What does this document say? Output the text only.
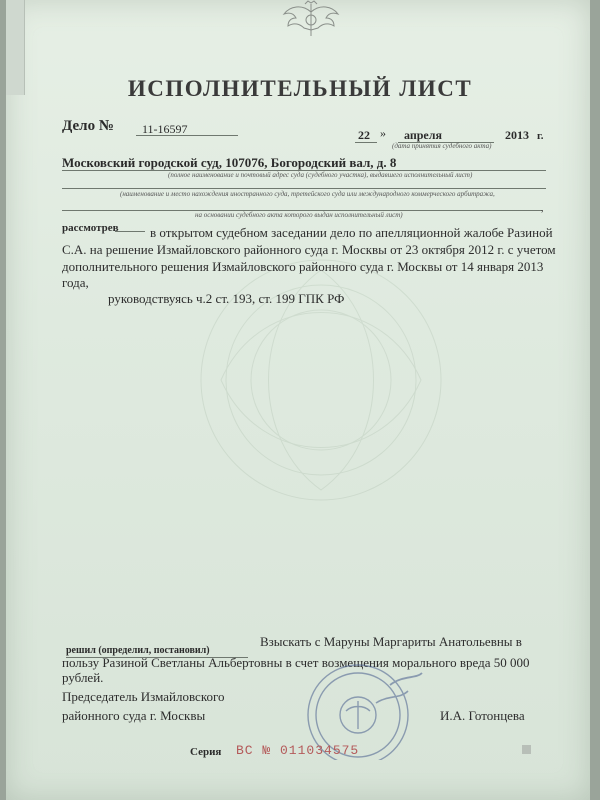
ИСПОЛНИТЕЛЬНЫЙ ЛИСТ
Дело № 11-16597	22 » апреля	2013 г.
(дата принятия судебного акта)
Московский городской суд, 107076, Богородский вал, д. 8
(полное наименование и почтовый адрес суда (судебного участка), выдавшего исполнительный лист)
(наименование и место нахождения иностранного суда, третейского суда или международного коммерческого арбитража,
,
на основании судебного акта которого выдан исполнительный лист)
рассмотрев в открытом судебном заседании дело по апелляционной жалобе Разиной
С.А. на решение Измайловского районного суда г. Москвы от 23 октября 2012 г. с учетом
дополнительного решения Измайловского районного суда г. Москвы от 14 января 2013
года,
руководствуясь ч.2 ст. 193, ст. 199 ГПК РФ
Взыскать с Маруны Маргариты Анатольевны в
решил (определил, постановил)
пользу Разиной Светланы Альбертовны в счет возмещения морального вреда 50 000
рублей.
Председатель Измайловского
районного суда г. Москвы	И.А. Готонцева
Серия ВС № 011034575
